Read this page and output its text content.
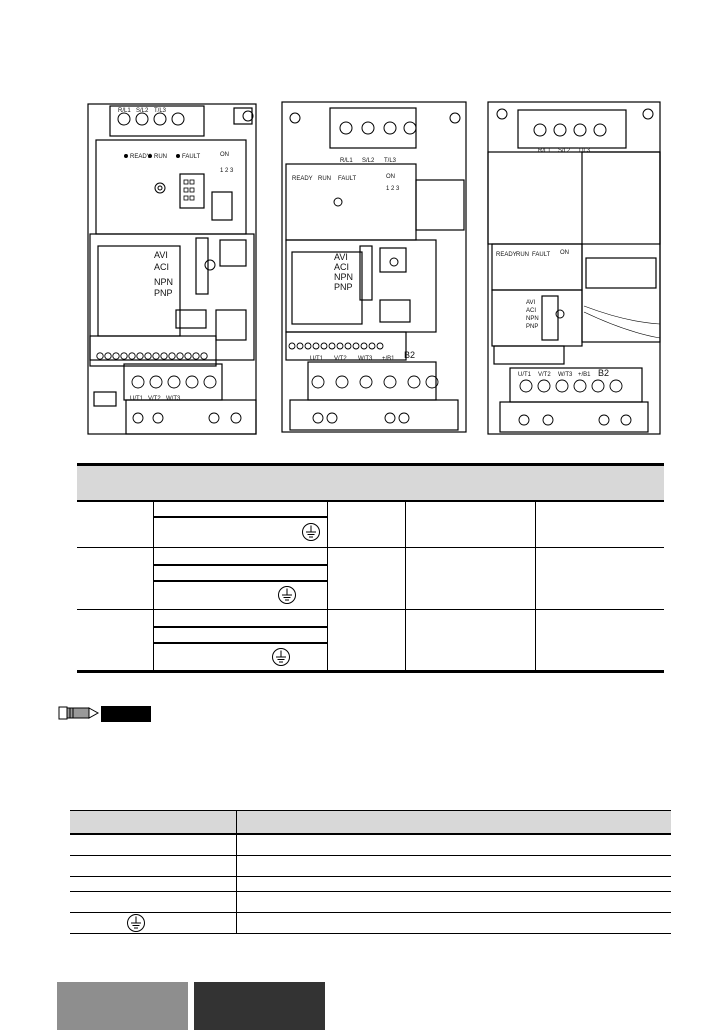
R/L1 S/L2 T/L3
READY RUN	FAULT	ON
1 2 3
AVI
ACI
NPN
PNP
U/T1 V/T2 W/T3
R/L1 S/L2 T/L3
READY RUN FAULT	ON
1 2 3
AVI
ACI
NPN
PNP
U/T1 V/T2 W/T3 +/B1 B2
R/L1 S/L2 T/L3
READY RUN FAULT ON
AVI
ACI
NPN
PNP
U/T1 V/T2 W/T3 +/B1 B2
